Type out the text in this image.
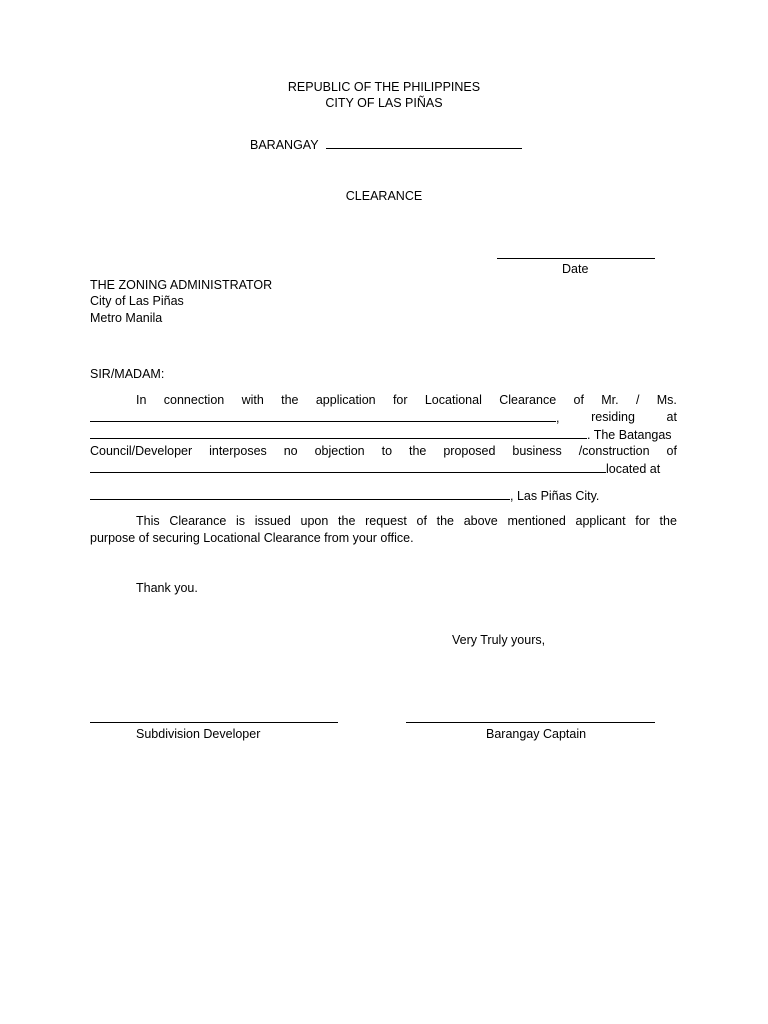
REPUBLIC OF THE PHILIPPINES
CITY OF LAS PIÑAS
BARANGAY
CLEARANCE
Date
THE ZONING ADMINISTRATOR
City of Las Piñas
Metro Manila
SIR/MADAM:
In connection with the application for Locational Clearance of Mr. / Ms.
,	residing	at
. The Batangas
Council/Developer interposes no objection to the proposed business /construction of
located at
, Las Piñas City.
This Clearance is issued upon the request of the above mentioned applicant for the
purpose of securing Locational Clearance from your office.
Thank you.
Very Truly yours,
Subdivision Developer	Barangay Captain
